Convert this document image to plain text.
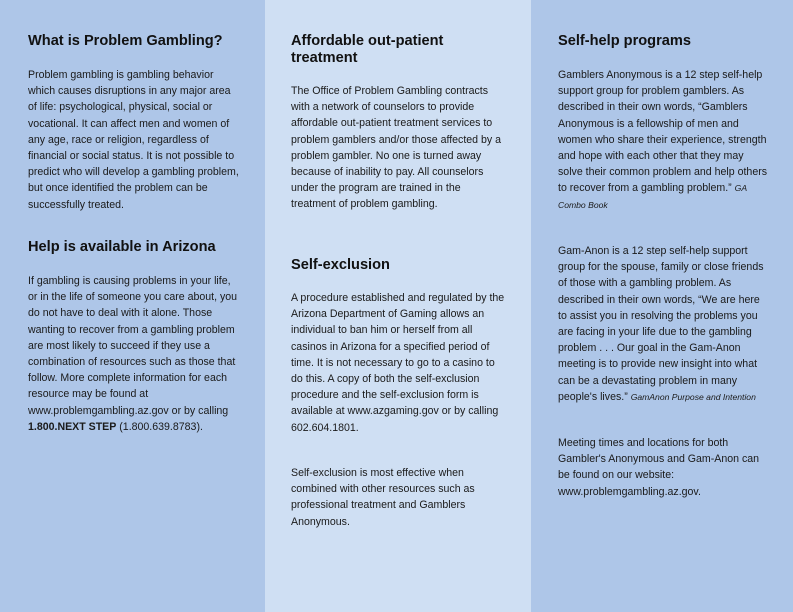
What is Problem Gambling?

Problem gambling is gambling behavior which causes disruptions in any major area of life: psychological, physical, social or vocational. It can affect men and women of any age, race or religion, regardless of financial or social status. It is not possible to predict who will develop a gambling problem, but once identified the problem can be successfully treated.

Help is available in Arizona

If gambling is causing problems in your life, or in the life of someone you care about, you do not have to deal with it alone. Those wanting to recover from a gambling problem are most likely to succeed if they use a combination of resources such as those that follow. More complete information for each resource may be found at www.problemgambling.az.gov or by calling 1.800.NEXT STEP (1.800.639.8783).

Affordable out-patient treatment

The Office of Problem Gambling contracts with a network of counselors to provide affordable out-patient treatment services to problem gamblers and/or those affected by a problem gambler. No one is turned away because of inability to pay. All counselors under the program are trained in the treatment of problem gambling.

Self-exclusion

A procedure established and regulated by the Arizona Department of Gaming allows an individual to ban him or herself from all casinos in Arizona for a specified period of time. It is not necessary to go to a casino to do this. A copy of both the self-exclusion procedure and the self-exclusion form is available at www.azgaming.gov or by calling 602.604.1801.

Self-exclusion is most effective when combined with other resources such as professional treatment and Gamblers Anonymous.

Self-help programs

Gamblers Anonymous is a 12 step self-help support group for problem gamblers. As described in their own words, “Gamblers Anonymous is a fellowship of men and women who share their experience, strength and hope with each other that they may solve their common problem and help others to recover from a gambling problem.” GA Combo Book

Gam-Anon is a 12 step self-help support group for the spouse, family or close friends of those with a gambling problem. As described in their own words, “We are here to assist you in resolving the problems you are facing in your life due to the gambling problem . . . Our goal in the Gam-Anon meeting is to provide new insight into what can be a devastating problem in many people's lives.” GamAnon Purpose and Intention

Meeting times and locations for both Gambler's Anonymous and Gam-Anon can be found on our website: www.problemgambling.az.gov.
